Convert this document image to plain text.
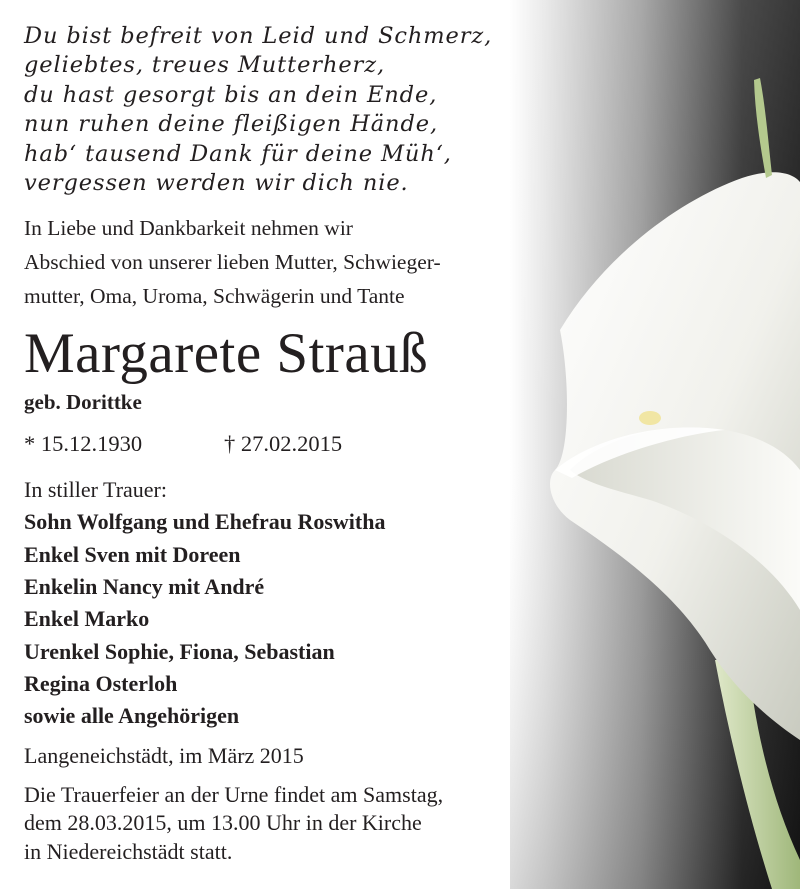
Du bist befreit von Leid und Schmerz,
geliebtes, treues Mutterherz,
du hast gesorgt bis an dein Ende,
nun ruhen deine fleißigen Hände,
hab‘ tausend Dank für deine Müh‘,
vergessen werden wir dich nie.
In Liebe und Dankbarkeit nehmen wir
Abschied von unserer lieben Mutter, Schwieger-
mutter, Oma, Uroma, Schwägerin und Tante
Margarete Strauß
geb. Dorittke
* 15.12.1930	† 27.02.2015
In stiller Trauer:
Sohn Wolfgang und Ehefrau Roswitha
Enkel Sven mit Doreen
Enkelin Nancy mit André
Enkel Marko
Urenkel Sophie, Fiona, Sebastian
Regina Osterloh
sowie alle Angehörigen
Langeneichstädt, im März 2015
Die Trauerfeier an der Urne findet am Samstag,
dem 28.03.2015, um 13.00 Uhr in der Kirche
in Niedereichstädt statt.
